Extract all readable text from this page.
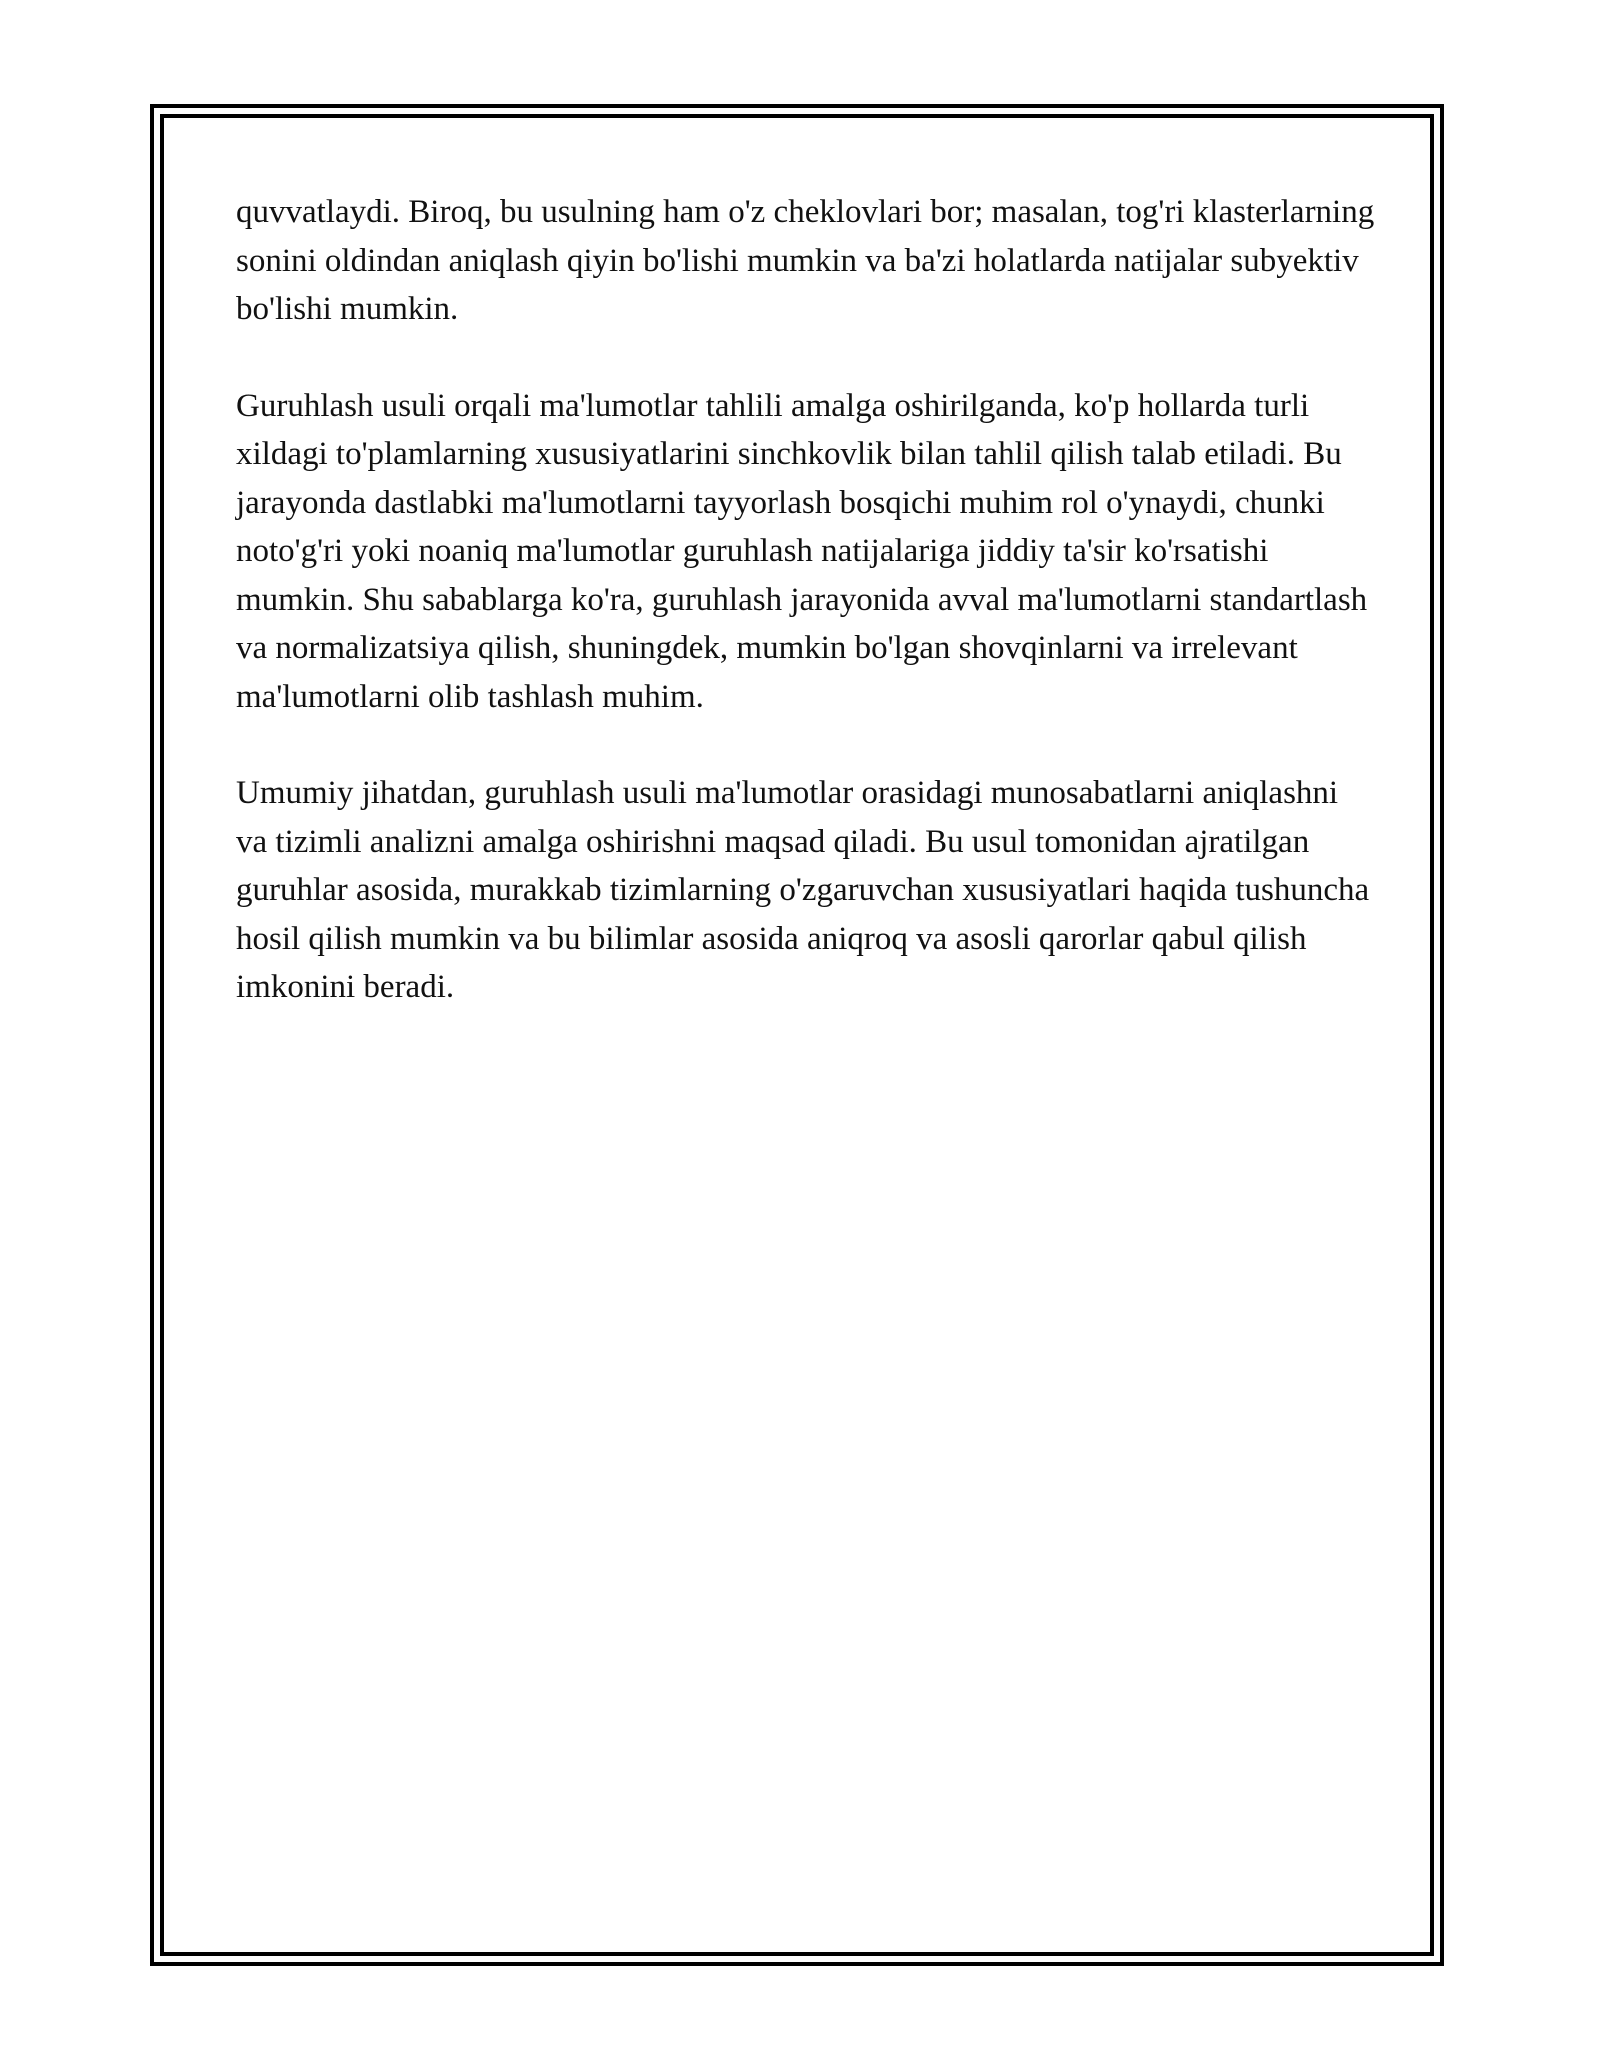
quvvatlaydi. Biroq, bu usulning ham o'z cheklovlari bor; masalan, tog'ri klasterlarning sonini oldindan aniqlash qiyin bo'lishi mumkin va ba'zi holatlarda natijalar subyektiv bo'lishi mumkin.

Guruhlash usuli orqali ma'lumotlar tahlili amalga oshirilganda, ko'p hollarda turli xildagi to'plamlarning xususiyatlarini sinchkovlik bilan tahlil qilish talab etiladi. Bu jarayonda dastlabki ma'lumotlarni tayyorlash bosqichi muhim rol o'ynaydi, chunki noto'g'ri yoki noaniq ma'lumotlar guruhlash natijalariga jiddiy ta'sir ko'rsatishi mumkin. Shu sabablarga ko'ra, guruhlash jarayonida avval ma'lumotlarni standartlash va normalizatsiya qilish, shuningdek, mumkin bo'lgan shovqinlarni va irrelevant ma'lumotlarni olib tashlash muhim.

Umumiy jihatdan, guruhlash usuli ma'lumotlar orasidagi munosabatlarni aniqlashni va tizimli analizni amalga oshirishni maqsad qiladi. Bu usul tomonidan ajratilgan guruhlar asosida, murakkab tizimlarning o'zgaruvchan xususiyatlari haqida tushuncha hosil qilish mumkin va bu bilimlar asosida aniqroq va asosli qarorlar qabul qilish imkonini beradi.
